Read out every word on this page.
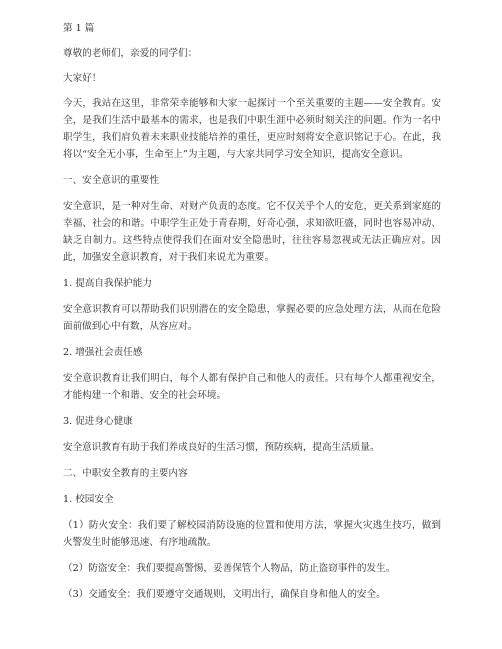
第 1 篇

尊敬的老师们，亲爱的同学们：

大家好！

今天，我站在这里，非常荣幸能够和大家一起探讨一个至关重要的主题——安全教育。安全，是我们生活中最基本的需求，也是我们中职生涯中必须时刻关注的问题。作为一名中职学生，我们肩负着未来职业技能培养的重任，更应时刻将安全意识铭记于心。在此，我将以“安全无小事，生命至上”为主题，与大家共同学习安全知识，提高安全意识。

一、安全意识的重要性

安全意识，是一种对生命、对财产负责的态度。它不仅关乎个人的安危，更关系到家庭的幸福、社会的和谐。中职学生正处于青春期，好奇心强，求知欲旺盛，同时也容易冲动、缺乏自制力。这些特点使得我们在面对安全隐患时，往往容易忽视或无法正确应对。因此，加强安全意识教育，对于我们来说尤为重要。

1. 提高自我保护能力

安全意识教育可以帮助我们识别潜在的安全隐患，掌握必要的应急处理方法，从而在危险面前做到心中有数，从容应对。

2. 增强社会责任感

安全意识教育让我们明白，每个人都有保护自己和他人的责任。只有每个人都重视安全，才能构建一个和谐、安全的社会环境。

3. 促进身心健康

安全意识教育有助于我们养成良好的生活习惯，预防疾病，提高生活质量。

二、中职安全教育的主要内容

1. 校园安全

（1）防火安全：我们要了解校园消防设施的位置和使用方法，掌握火灾逃生技巧，做到火警发生时能够迅速、有序地疏散。

（2）防盗安全：我们要提高警惕，妥善保管个人物品，防止盗窃事件的发生。

（3）交通安全：我们要遵守交通规则，文明出行，确保自身和他人的安全。
